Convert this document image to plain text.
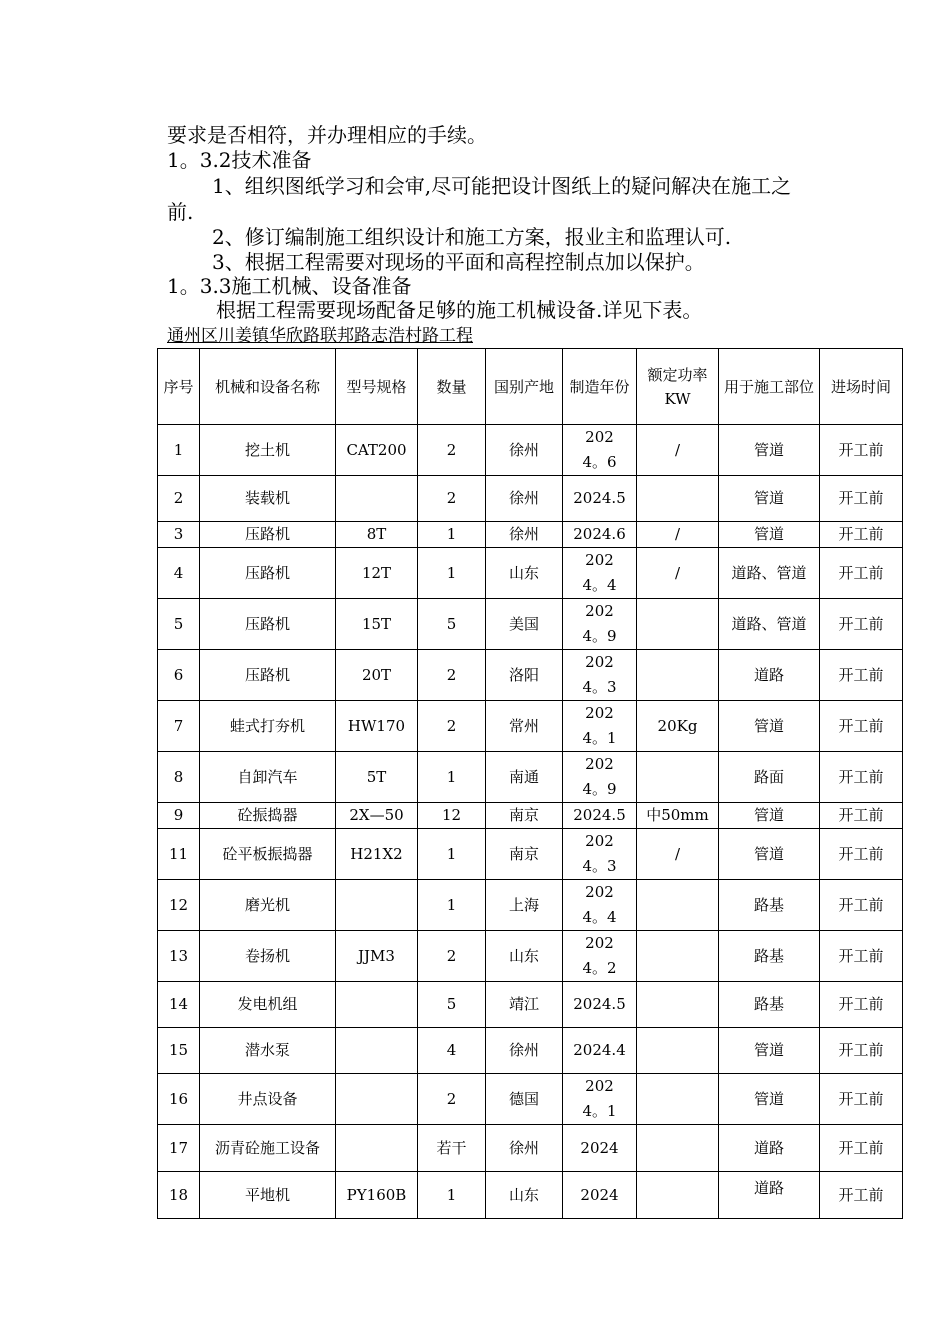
要求是否相符，并办理相应的手续。
1。3.2技术准备
1、组织图纸学习和会审,尽可能把设计图纸上的疑问解决在施工之
前.
2、修订编制施工组织设计和施工方案，报业主和监理认可.
3、根据工程需要对现场的平面和高程控制点加以保护。
1。3.3施工机械、设备准备
根据工程需要现场配备足够的施工机械设备.详见下表。
通州区川姜镇华欣路联邦路志浩村路工程
序号	机械和设备名称	型号规格	数量	国别产地	制造年份	额定功率KW	用于施工部位	进场时间
1	挖土机	CAT200	2	徐州	2024。6	/	管道	开工前
2	装载机		2	徐州	2024.5		管道	开工前
3	压路机	8T	1	徐州	2024.6	/	管道	开工前
4	压路机	12T	1	山东	2024。4	/	道路、管道	开工前
5	压路机	15T	5	美国	2024。9		道路、管道	开工前
6	压路机	20T	2	洛阳	2024。3		道路	开工前
7	蛙式打夯机	HW170	2	常州	2024。1	20Kg	管道	开工前
8	自卸汽车	5T	1	南通	2024。9		路面	开工前
9	砼振捣器	2X—50	12	南京	2024.5	中50mm	管道	开工前
11	砼平板振捣器	H21X2	1	南京	2024。3	/	管道	开工前
12	磨光机		1	上海	2024。4		路基	开工前
13	卷扬机	JJM3	2	山东	2024。2		路基	开工前
14	发电机组		5	靖江	2024.5		路基	开工前
15	潜水泵		4	徐州	2024.4		管道	开工前
16	井点设备		2	德国	2024。1		管道	开工前
17	沥青砼施工设备		若干	徐州	2024		道路	开工前
18	平地机	PY160B	1	山东	2024		道路	开工前
